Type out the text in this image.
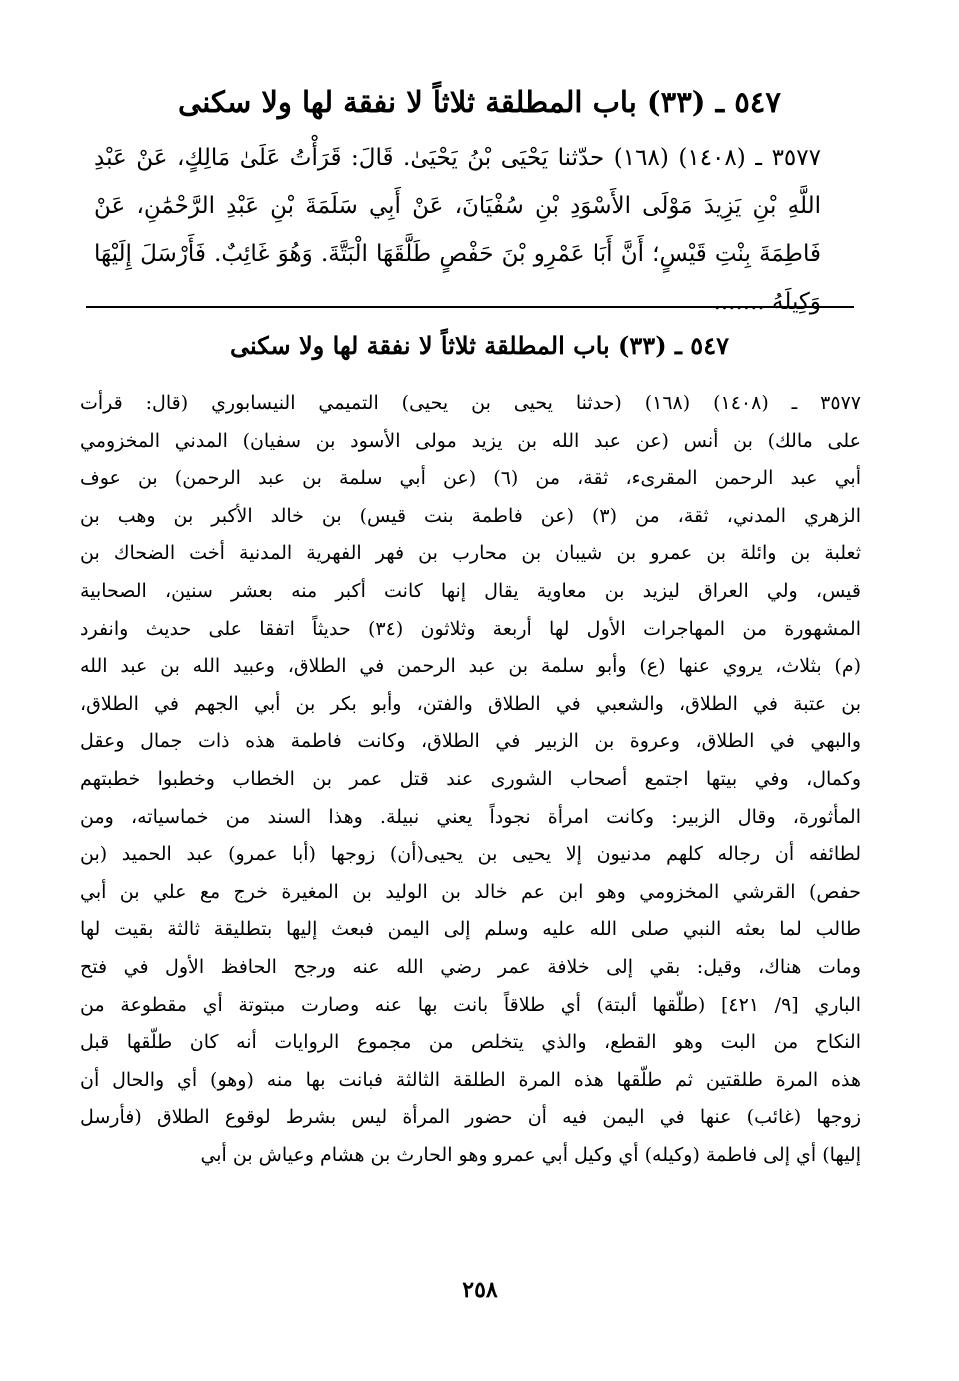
٥٤٧ ـ (٣٣) باب المطلقة ثلاثاً لا نفقة لها ولا سكنى
٣٥٧٧ ـ (١٤٠٨) (١٦٨) حدّثنا يَحْيَى بْنُ يَحْيَىٰ. قَالَ: قَرَأْتُ عَلَىٰ مَالِكٍ، عَنْ عَبْدِ اللَّهِ بْنِ يَزِيدَ مَوْلَى الأَسْوَدِ بْنِ سُفْيَانَ، عَنْ أَبِي سَلَمَةَ بْنِ عَبْدِ الرَّحْمَٰنِ، عَنْ فَاطِمَةَ بِنْتِ قَيْسٍ؛ أَنَّ أَبَا عَمْرِو بْنَ حَفْصٍ طَلَّقَهَا الْبَتَّةَ. وَهُوَ غَائِبٌ. فَأَرْسَلَ إِلَيْهَا وَكِيلَهُ .......
٥٤٧ ـ (٣٣) باب المطلقة ثلاثاً لا نفقة لها ولا سكنى
٣٥٧٧ ـ (١٤٠٨) (١٦٨) (حدثنا يحيى بن يحيى) التميمي النيسابوري (قال: قرأت
على مالك) بن أنس (عن عبد الله بن يزيد مولى الأسود بن سفيان) المدني المخزومي
أبي عبد الرحمن المقرىء، ثقة، من (٦) (عن أبي سلمة بن عبد الرحمن) بن عوف
الزهري المدني، ثقة، من (٣) (عن فاطمة بنت قيس) بن خالد الأكبر بن وهب بن
ثعلبة بن وائلة بن عمرو بن شيبان بن محارب بن فهر الفهرية المدنية أخت الضحاك بن
قيس، ولي العراق ليزيد بن معاوية يقال إنها كانت أكبر منه بعشر سنين، الصحابية
المشهورة من المهاجرات الأول لها أربعة وثلاثون (٣٤) حديثاً اتفقا على حديث وانفرد
(م) بثلاث، يروي عنها (ع) وأبو سلمة بن عبد الرحمن في الطلاق، وعبيد الله بن عبد الله
بن عتبة في الطلاق، والشعبي في الطلاق والفتن، وأبو بكر بن أبي الجهم في الطلاق،
والبهي في الطلاق، وعروة بن الزبير في الطلاق، وكانت فاطمة هذه ذات جمال وعقل
وكمال، وفي بيتها اجتمع أصحاب الشورى عند قتل عمر بن الخطاب وخطبوا خطبتهم
المأثورة، وقال الزبير: وكانت امرأة نجوداً يعني نبيلة. وهذا السند من خماسياته، ومن
لطائفه أن رجاله كلهم مدنيون إلا يحيى بن يحيى(أن) زوجها (أبا عمرو) عبد الحميد (بن
حفص) القرشي المخزومي وهو ابن عم خالد بن الوليد بن المغيرة خرج مع علي بن أبي
طالب لما بعثه النبي صلى الله عليه وسلم إلى اليمن فبعث إليها بتطليقة ثالثة بقيت لها
ومات هناك، وقيل: بقي إلى خلافة عمر رضي الله عنه ورجح الحافظ الأول في فتح
الباري [٩/ ٤٢١] (طلّقها ألبتة) أي طلاقاً بانت بها عنه وصارت مبتوتة أي مقطوعة من
النكاح من البت وهو القطع، والذي يتخلص من مجموع الروايات أنه كان طلّقها قبل
هذه المرة طلقتين ثم طلّقها هذه المرة الطلقة الثالثة فبانت بها منه (وهو) أي والحال أن
زوجها (غائب) عنها في اليمن فيه أن حضور المرأة ليس بشرط لوقوع الطلاق (فأرسل
إليها) أي إلى فاطمة (وكيله) أي وكيل أبي عمرو وهو الحارث بن هشام وعياش بن أبي
٢٥٨
